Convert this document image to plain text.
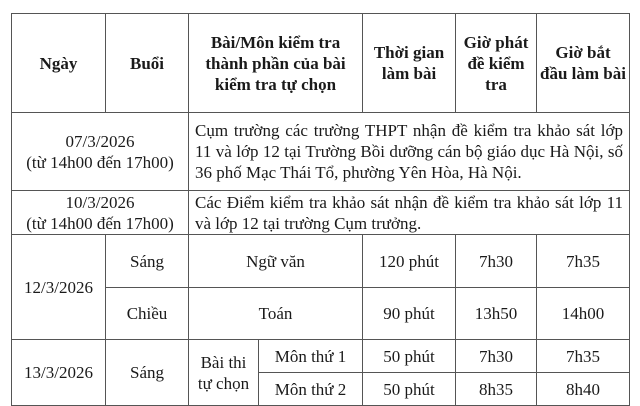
Ngày	Buổi	Bài/Môn kiểm tra thành phần của bài kiểm tra tự chọn		Thời gian làm bài	Giờ phát đề kiểm tra	Giờ bắt đầu làm bài

07/3/2026
(từ 14h00 đến 17h00)		Cụm trường các trường THPT nhận đề kiểm tra khảo sát lớp 11 và lớp 12 tại Trường Bồi dưỡng cán bộ giáo dục Hà Nội, số 36 phố Mạc Thái Tổ, phường Yên Hòa, Hà Nội.				

10/3/2026
(từ 14h00 đến 17h00)		Các Điểm kiểm tra khảo sát nhận đề kiểm tra khảo sát lớp 11 và lớp 12 tại trường Cụm trưởng.				
12/3/2026	Sáng	Ngữ văn		120 phút	7h30	7h35
	Chiều	Toán		90 phút	13h50	14h00
13/3/2026	Sáng	Bài thi tự chọn	Môn thứ 1	50 phút	7h30	7h35
			Môn thứ 2	50 phút	8h35	8h40
